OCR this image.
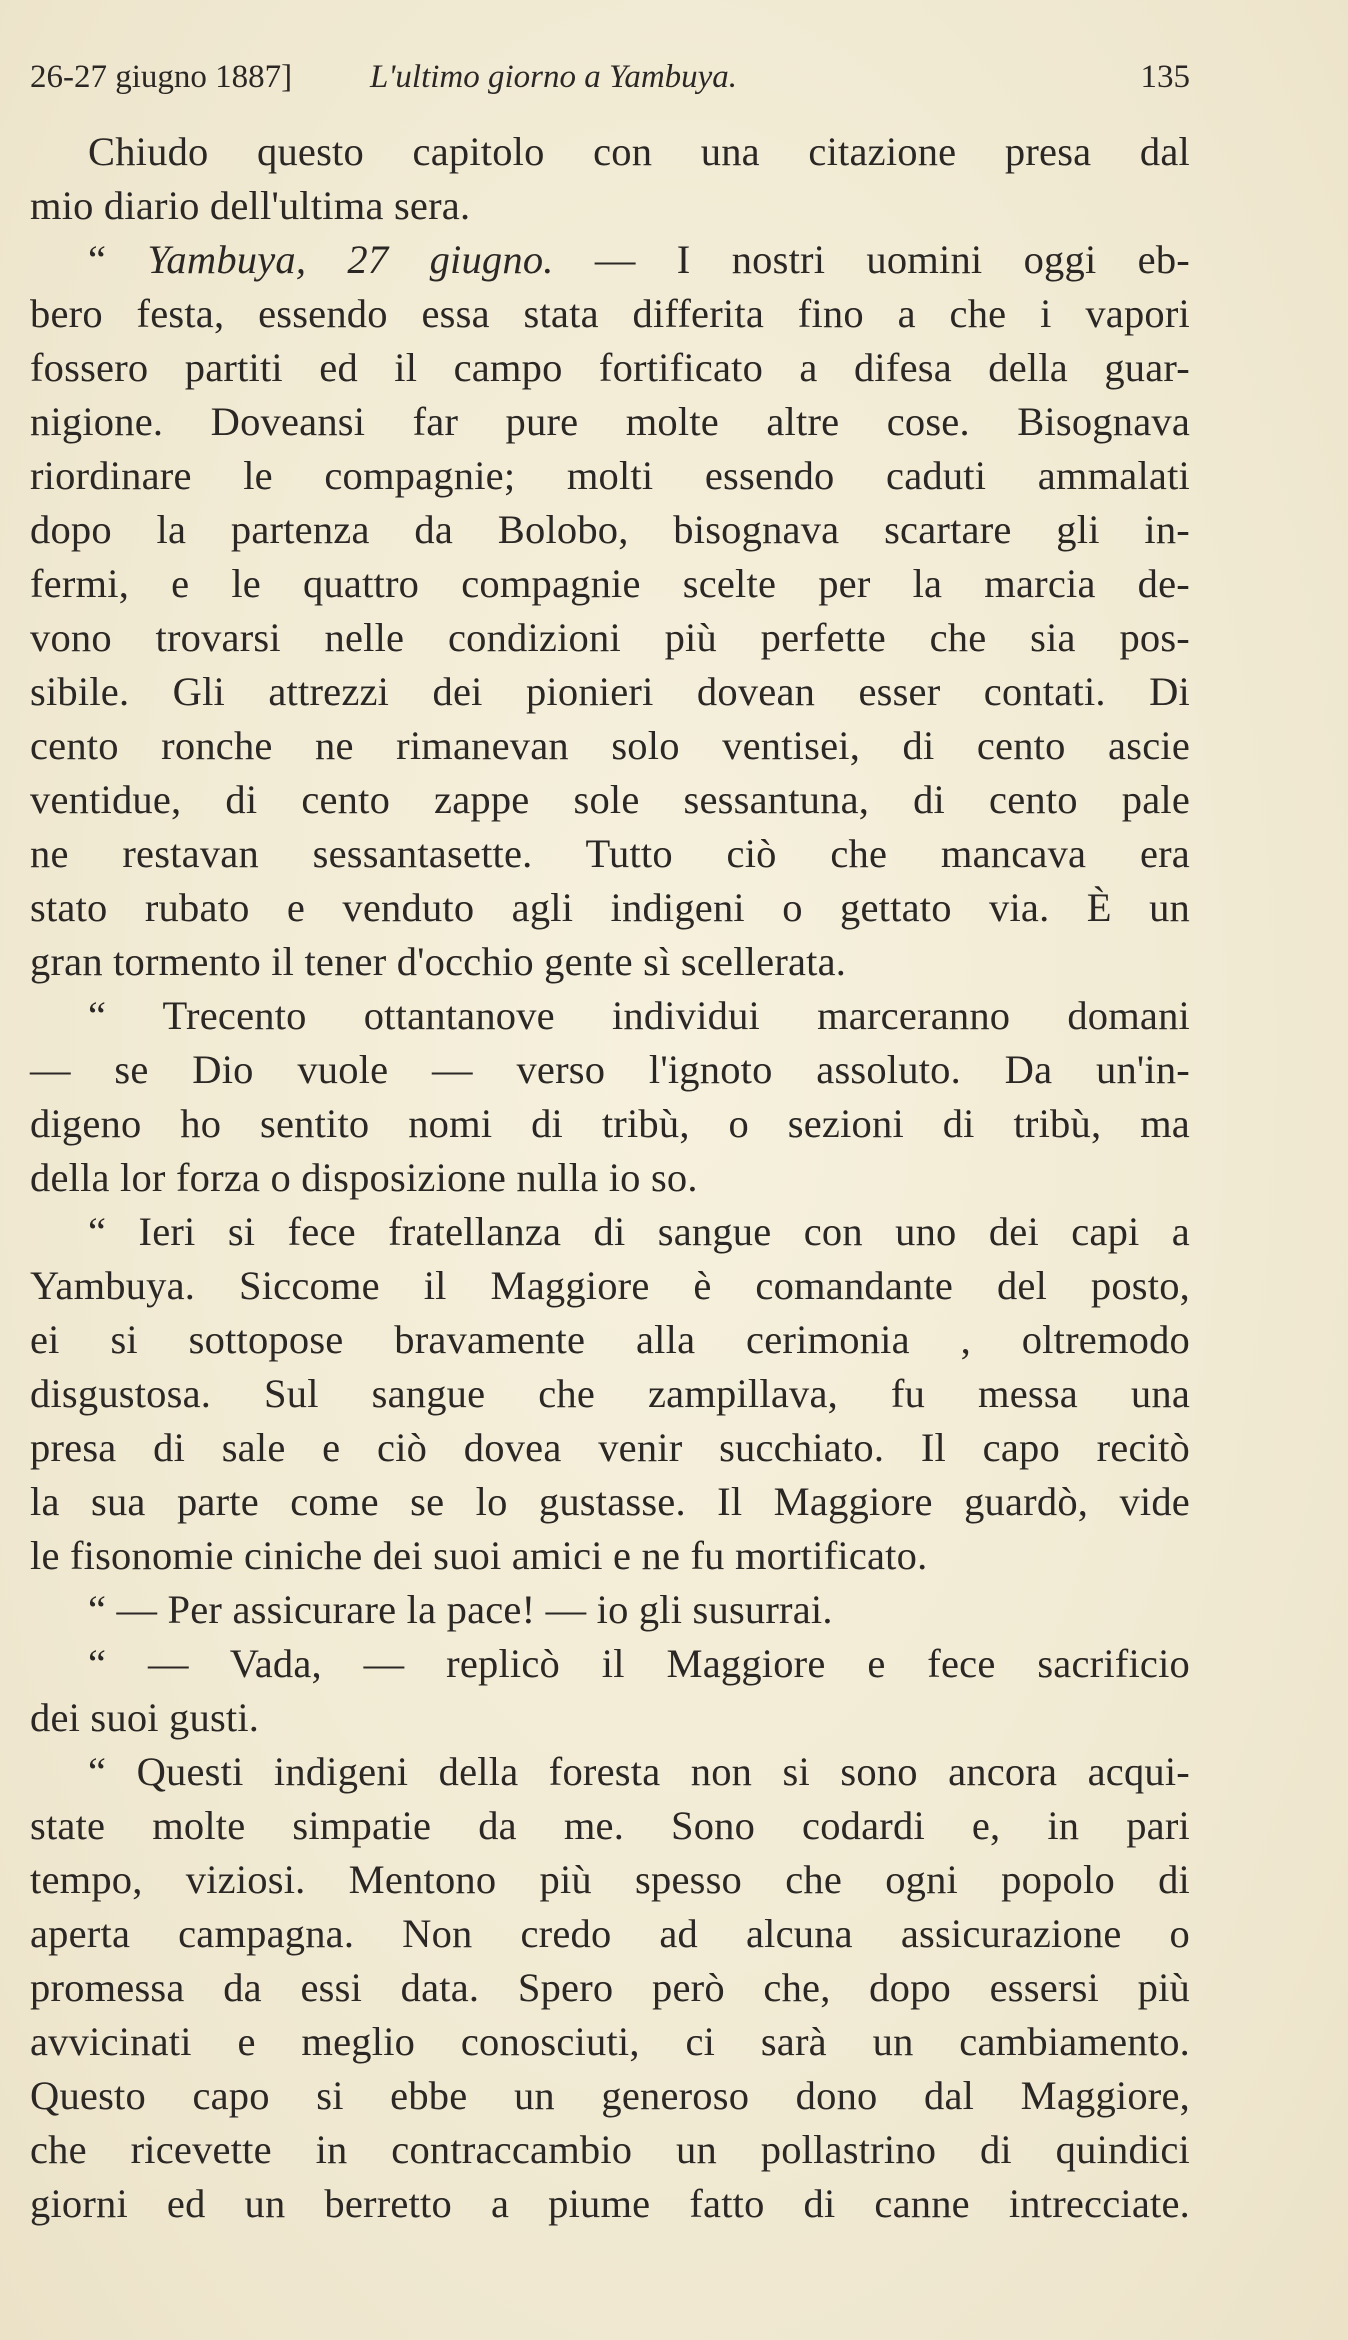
26-27 giugno 1887] L'ultimo giorno a Yambuya.	135
Chiudo questo capitolo con una citazione presa dal
mio diario dell'ultima sera.
“ Yambuya, 27 giugno. — I nostri uomini oggi eb-
bero festa, essendo essa stata differita fino a che i vapori
fossero partiti ed il campo fortificato a difesa della guar-
nigione. Doveansi far pure molte altre cose. Bisognava
riordinare le compagnie; molti essendo caduti ammalati
dopo la partenza da Bolobo, bisognava scartare gli in-
fermi, e le quattro compagnie scelte per la marcia de-
vono trovarsi nelle condizioni più perfette che sia pos-
sibile. Gli attrezzi dei pionieri dovean esser contati. Di
cento ronche ne rimanevan solo ventisei, di cento ascie
ventidue, di cento zappe sole sessantuna, di cento pale
ne restavan sessantasette. Tutto ciò che mancava era
stato rubato e venduto agli indigeni o gettato via. È un
gran tormento il tener d'occhio gente sì scellerata.
“ Trecento ottantanove individui marceranno domani
— se Dio vuole — verso l'ignoto assoluto. Da un'in-
digeno ho sentito nomi di tribù, o sezioni di tribù, ma
della lor forza o disposizione nulla io so.
“ Ieri si fece fratellanza di sangue con uno dei capi a
Yambuya. Siccome il Maggiore è comandante del posto,
ei si sottopose bravamente alla cerimonia , oltremodo
disgustosa. Sul sangue che zampillava, fu messa una
presa di sale e ciò dovea venir succhiato. Il capo recitò
la sua parte come se lo gustasse. Il Maggiore guardò, vide
le fisonomie ciniche dei suoi amici e ne fu mortificato.
“ — Per assicurare la pace! — io gli susurrai.
“ — Vada, — replicò il Maggiore e fece sacrificio
dei suoi gusti.
“ Questi indigeni della foresta non si sono ancora acqui-
state molte simpatie da me. Sono codardi e, in pari
tempo, viziosi. Mentono più spesso che ogni popolo di
aperta campagna. Non credo ad alcuna assicurazione o
promessa da essi data. Spero però che, dopo essersi più
avvicinati e meglio conosciuti, ci sarà un cambiamento.
Questo capo si ebbe un generoso dono dal Maggiore,
che ricevette in contraccambio un pollastrino di quindici
giorni ed un berretto a piume fatto di canne intrecciate.
